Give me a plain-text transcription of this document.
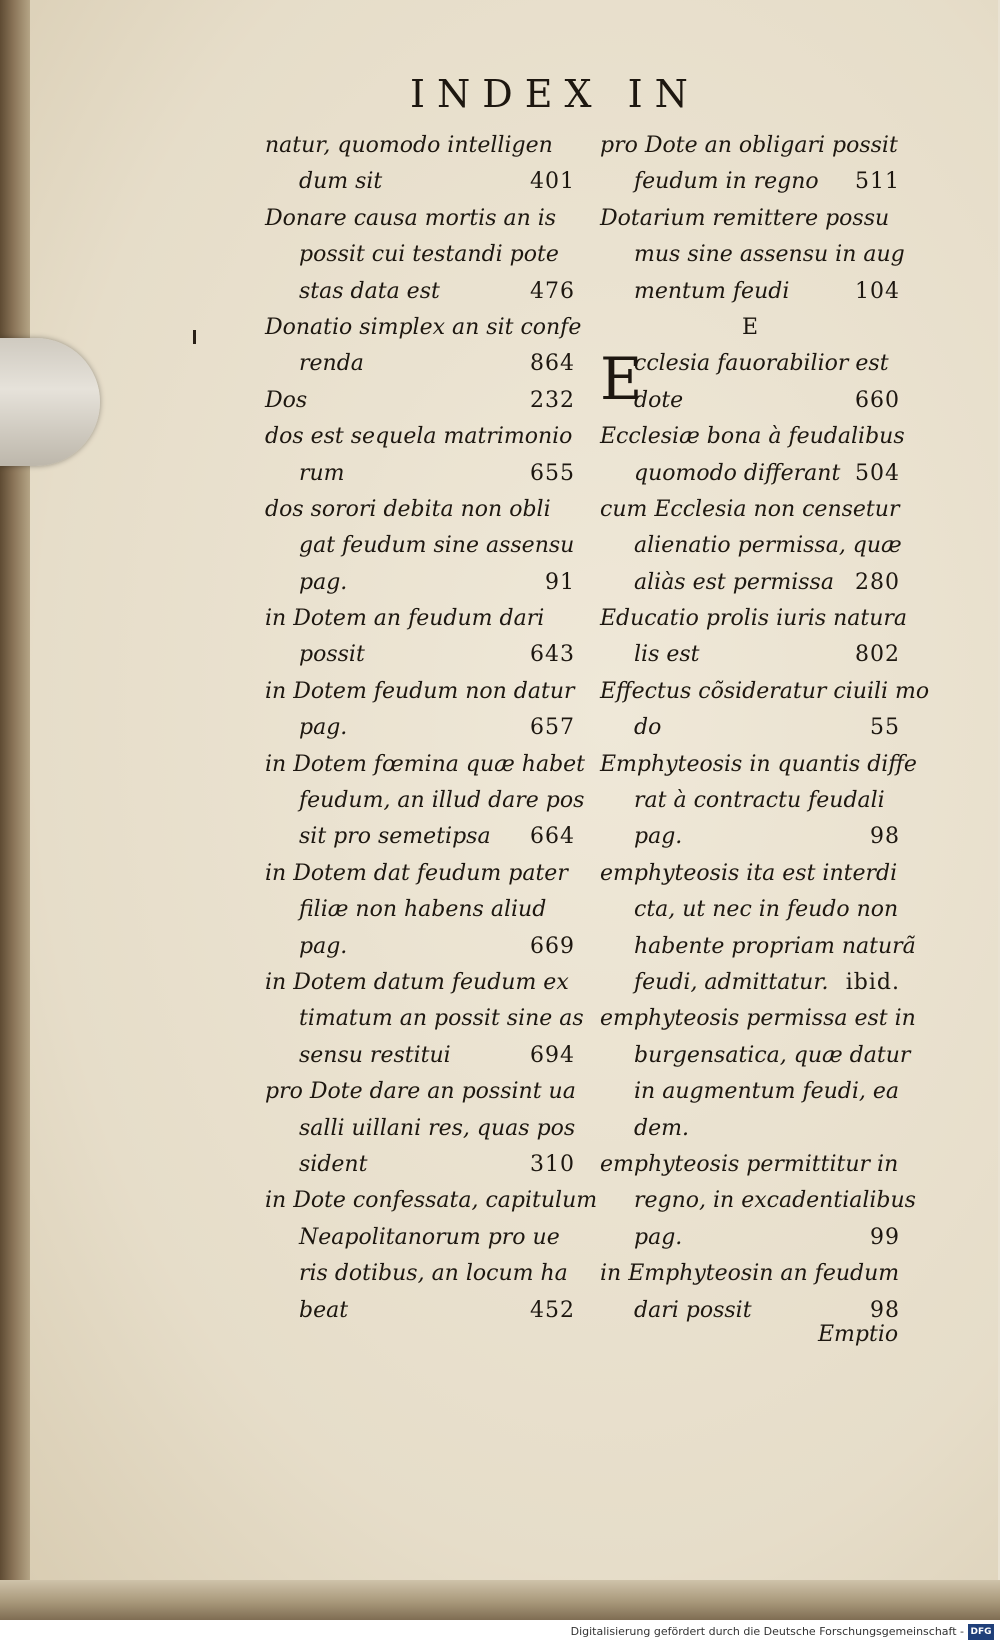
INDEX IN
natur, quomodo intelligen
dum sit	401
Donare causa mortis an is
possit cui testandi pote
stas data est	476
Donatio simplex an sit confe
renda	864
Dos	232
dos est sequela matrimonio
rum	655
dos sorori debita non obli
gat feudum sine assensu
pag.	91
in Dotem an feudum dari
possit	643
in Dotem feudum non datur
pag.	657
in Dotem fœmina quæ habet
feudum, an illud dare pos
sit pro semetipsa 664
in Dotem dat feudum pater
filiæ non habens aliud
pag.	669
in Dotem datum feudum ex
timatum an possit sine as
sensu restitui	694
pro Dote dare an possint ua
salli uillani res, quas pos
sident	310
in Dote confessata, capitulum
Neapolitanorum pro ue
ris dotibus, an locum ha
beat	452
pro Dote an obligari possit
feudum in regno 511
Dotarium remittere possu
mus sine assensu in aug
mentum feudi	104
E
E
cclesia fauorabilior est
dote	660
Ecclesiæ bona à feudalibus
quomodo differant 504
cum Ecclesia non censetur
alienatio permissa, quæ
aliàs est permissa 280
Educatio prolis iuris natura
lis est	802
Effectus cõsideratur ciuili mo
do	55
Emphyteosis in quantis diffe
rat à contractu feudali
pag.	98
emphyteosis ita est interdi
cta, ut nec in feudo non
habente propriam naturã
feudi, admittatur. ibid.
emphyteosis permissa est in
burgensatica, quæ datur
in augmentum feudi, ea
dem.
emphyteosis permittitur in
regno, in excadentialibus
pag.	99
in Emphyteosin an feudum
dari possit	98
Emptio
Digitalisierung gefördert durch die Deutsche Forschungsgemeinschaft - DFG
